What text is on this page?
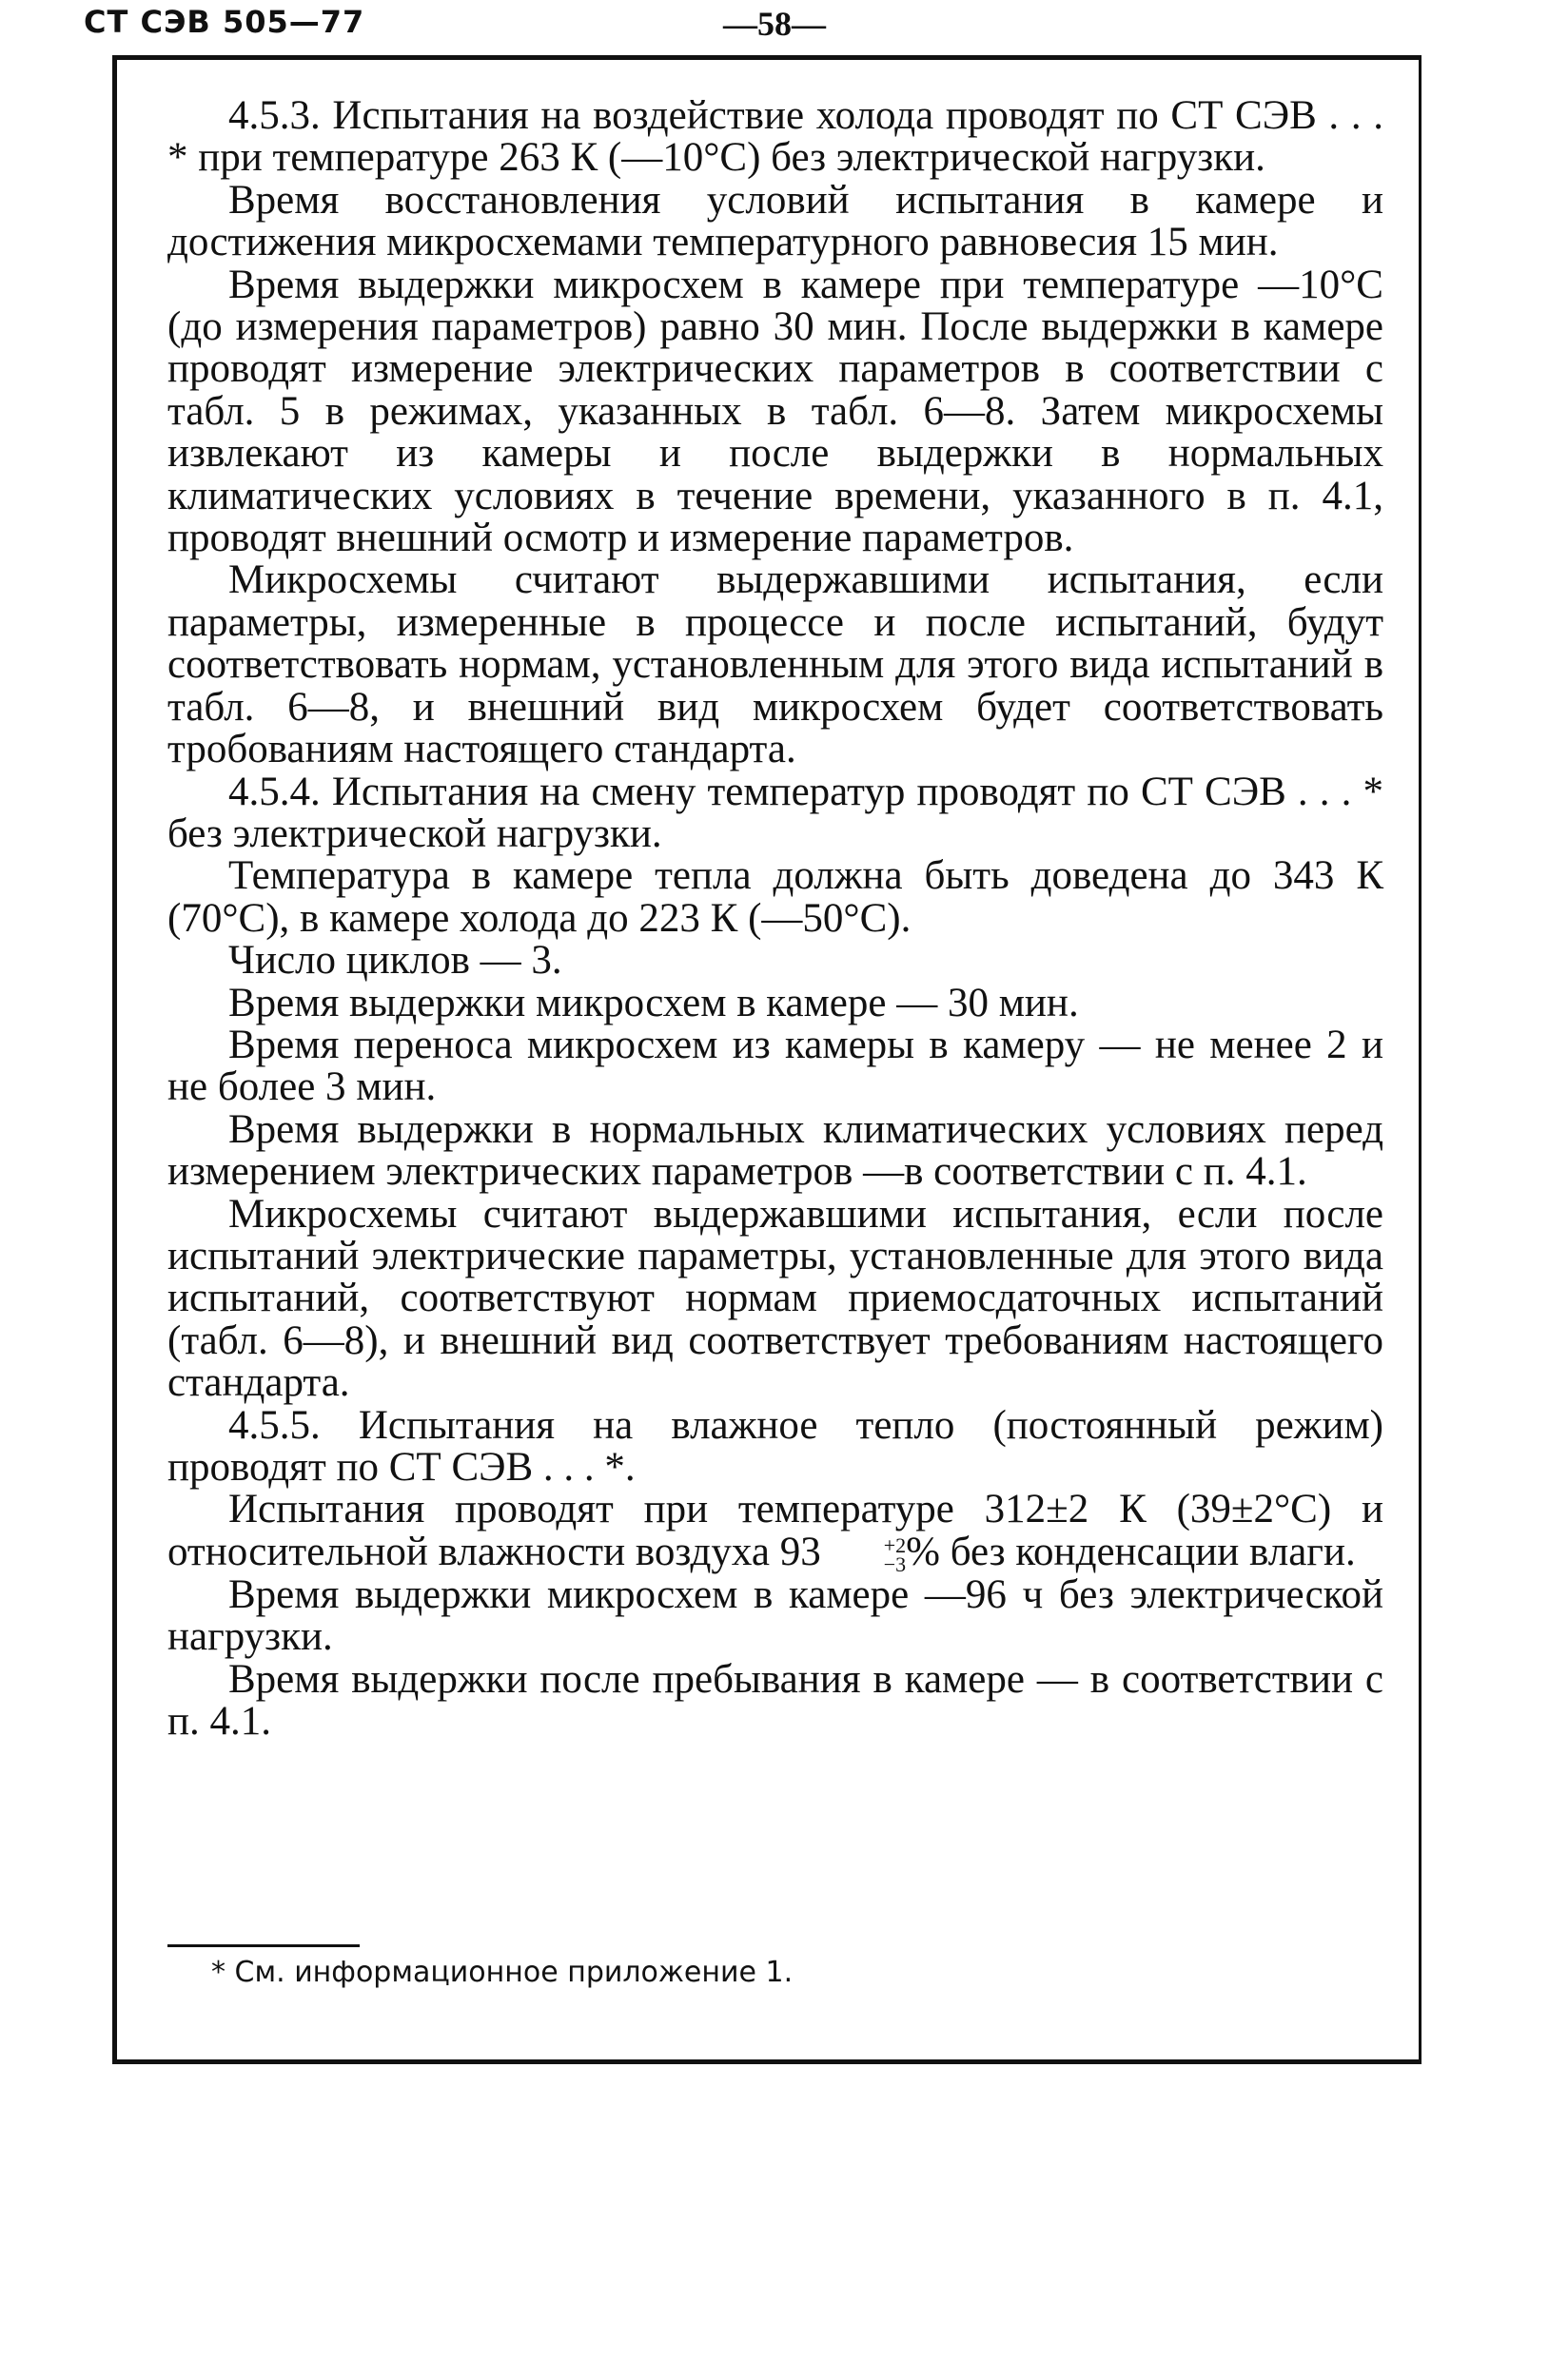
СТ СЭВ 505—77	—58—

4.5.3. Испытания на воздействие холода проводят по СТ СЭВ . . . * при температуре 263 К (—10°С) без электрической нагрузки.

Время восстановления условий испытания в камере и достижения микросхемами температурного равновесия 15 мин.

Время выдержки микросхем в камере при температуре —10°С (до измерения параметров) равно 30 мин. После выдержки в камере проводят измерение электрических параметров в соответствии с табл. 5 в режимах, указанных в табл. 6—8. Затем микросхемы извлекают из камеры и после выдержки в нормальных климатических условиях в течение времени, указанного в п. 4.1, проводят внешний осмотр и измерение параметров.

Микросхемы считают выдержавшими испытания, если параметры, измеренные в процессе и после испытаний, будут соответствовать нормам, установленным для этого вида испытаний в табл. 6—8, и внешний вид микросхем будет соответствовать тробованиям настоящего стандарта.

4.5.4. Испытания на смену температур проводят по СТ СЭВ . . . * без электрической нагрузки.

Температура в камере тепла должна быть доведена до 343 К (70°С), в камере холода до 223 К (—50°С).

Число циклов — 3.

Время выдержки микросхем в камере — 30 мин.

Время переноса микросхем из камеры в камеру — не менее 2 и не более 3 мин.

Время выдержки в нормальных климатических условиях перед измерением электрических параметров —в соответствии с п. 4.1.

Микросхемы считают выдержавшими испытания, если после испытаний электрические параметры, установленные для этого вида испытаний, соответствуют нормам приемосдаточных испытаний (табл. 6—8), и внешний вид соответствует требованиям настоящего стандарта.

4.5.5. Испытания на влажное тепло (постоянный режим) проводят по СТ СЭВ . . . *.

Испытания проводят при температуре 312±2 К (39±2°С) и относительной влажности воздуха 93	+2
−3 % без конденсации влаги.

Время выдержки микросхем в камере —96 ч без электрической нагрузки.

Время выдержки после пребывания в камере — в соответствии с п. 4.1.

* См. информационное приложение 1.
